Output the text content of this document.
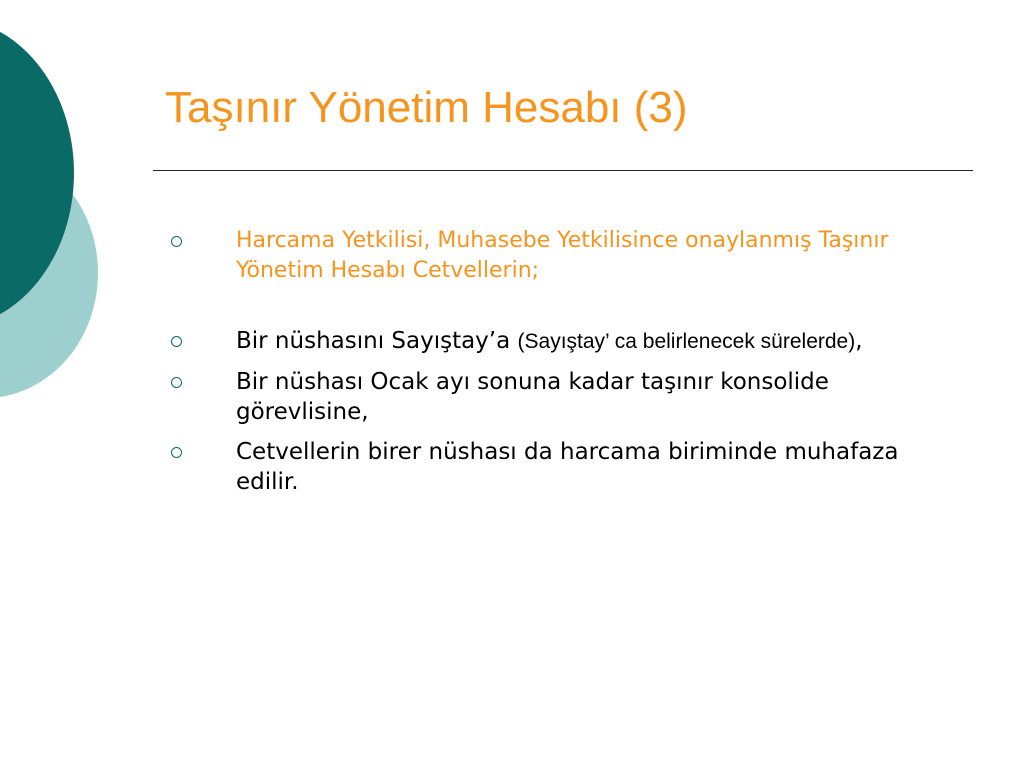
Taşınır Yönetim Hesabı (3)
Harcama Yetkilisi, Muhasebe Yetkilisince onaylanmış Taşınır Yönetim Hesabı Cetvellerin;
Bir nüshasını Sayıştay’a (Sayıştay’ ca belirlenecek sürelerde),
Bir nüshası Ocak ayı sonuna kadar taşınır konsolide görevlisine,
Cetvellerin birer nüshası da harcama biriminde muhafaza edilir.
